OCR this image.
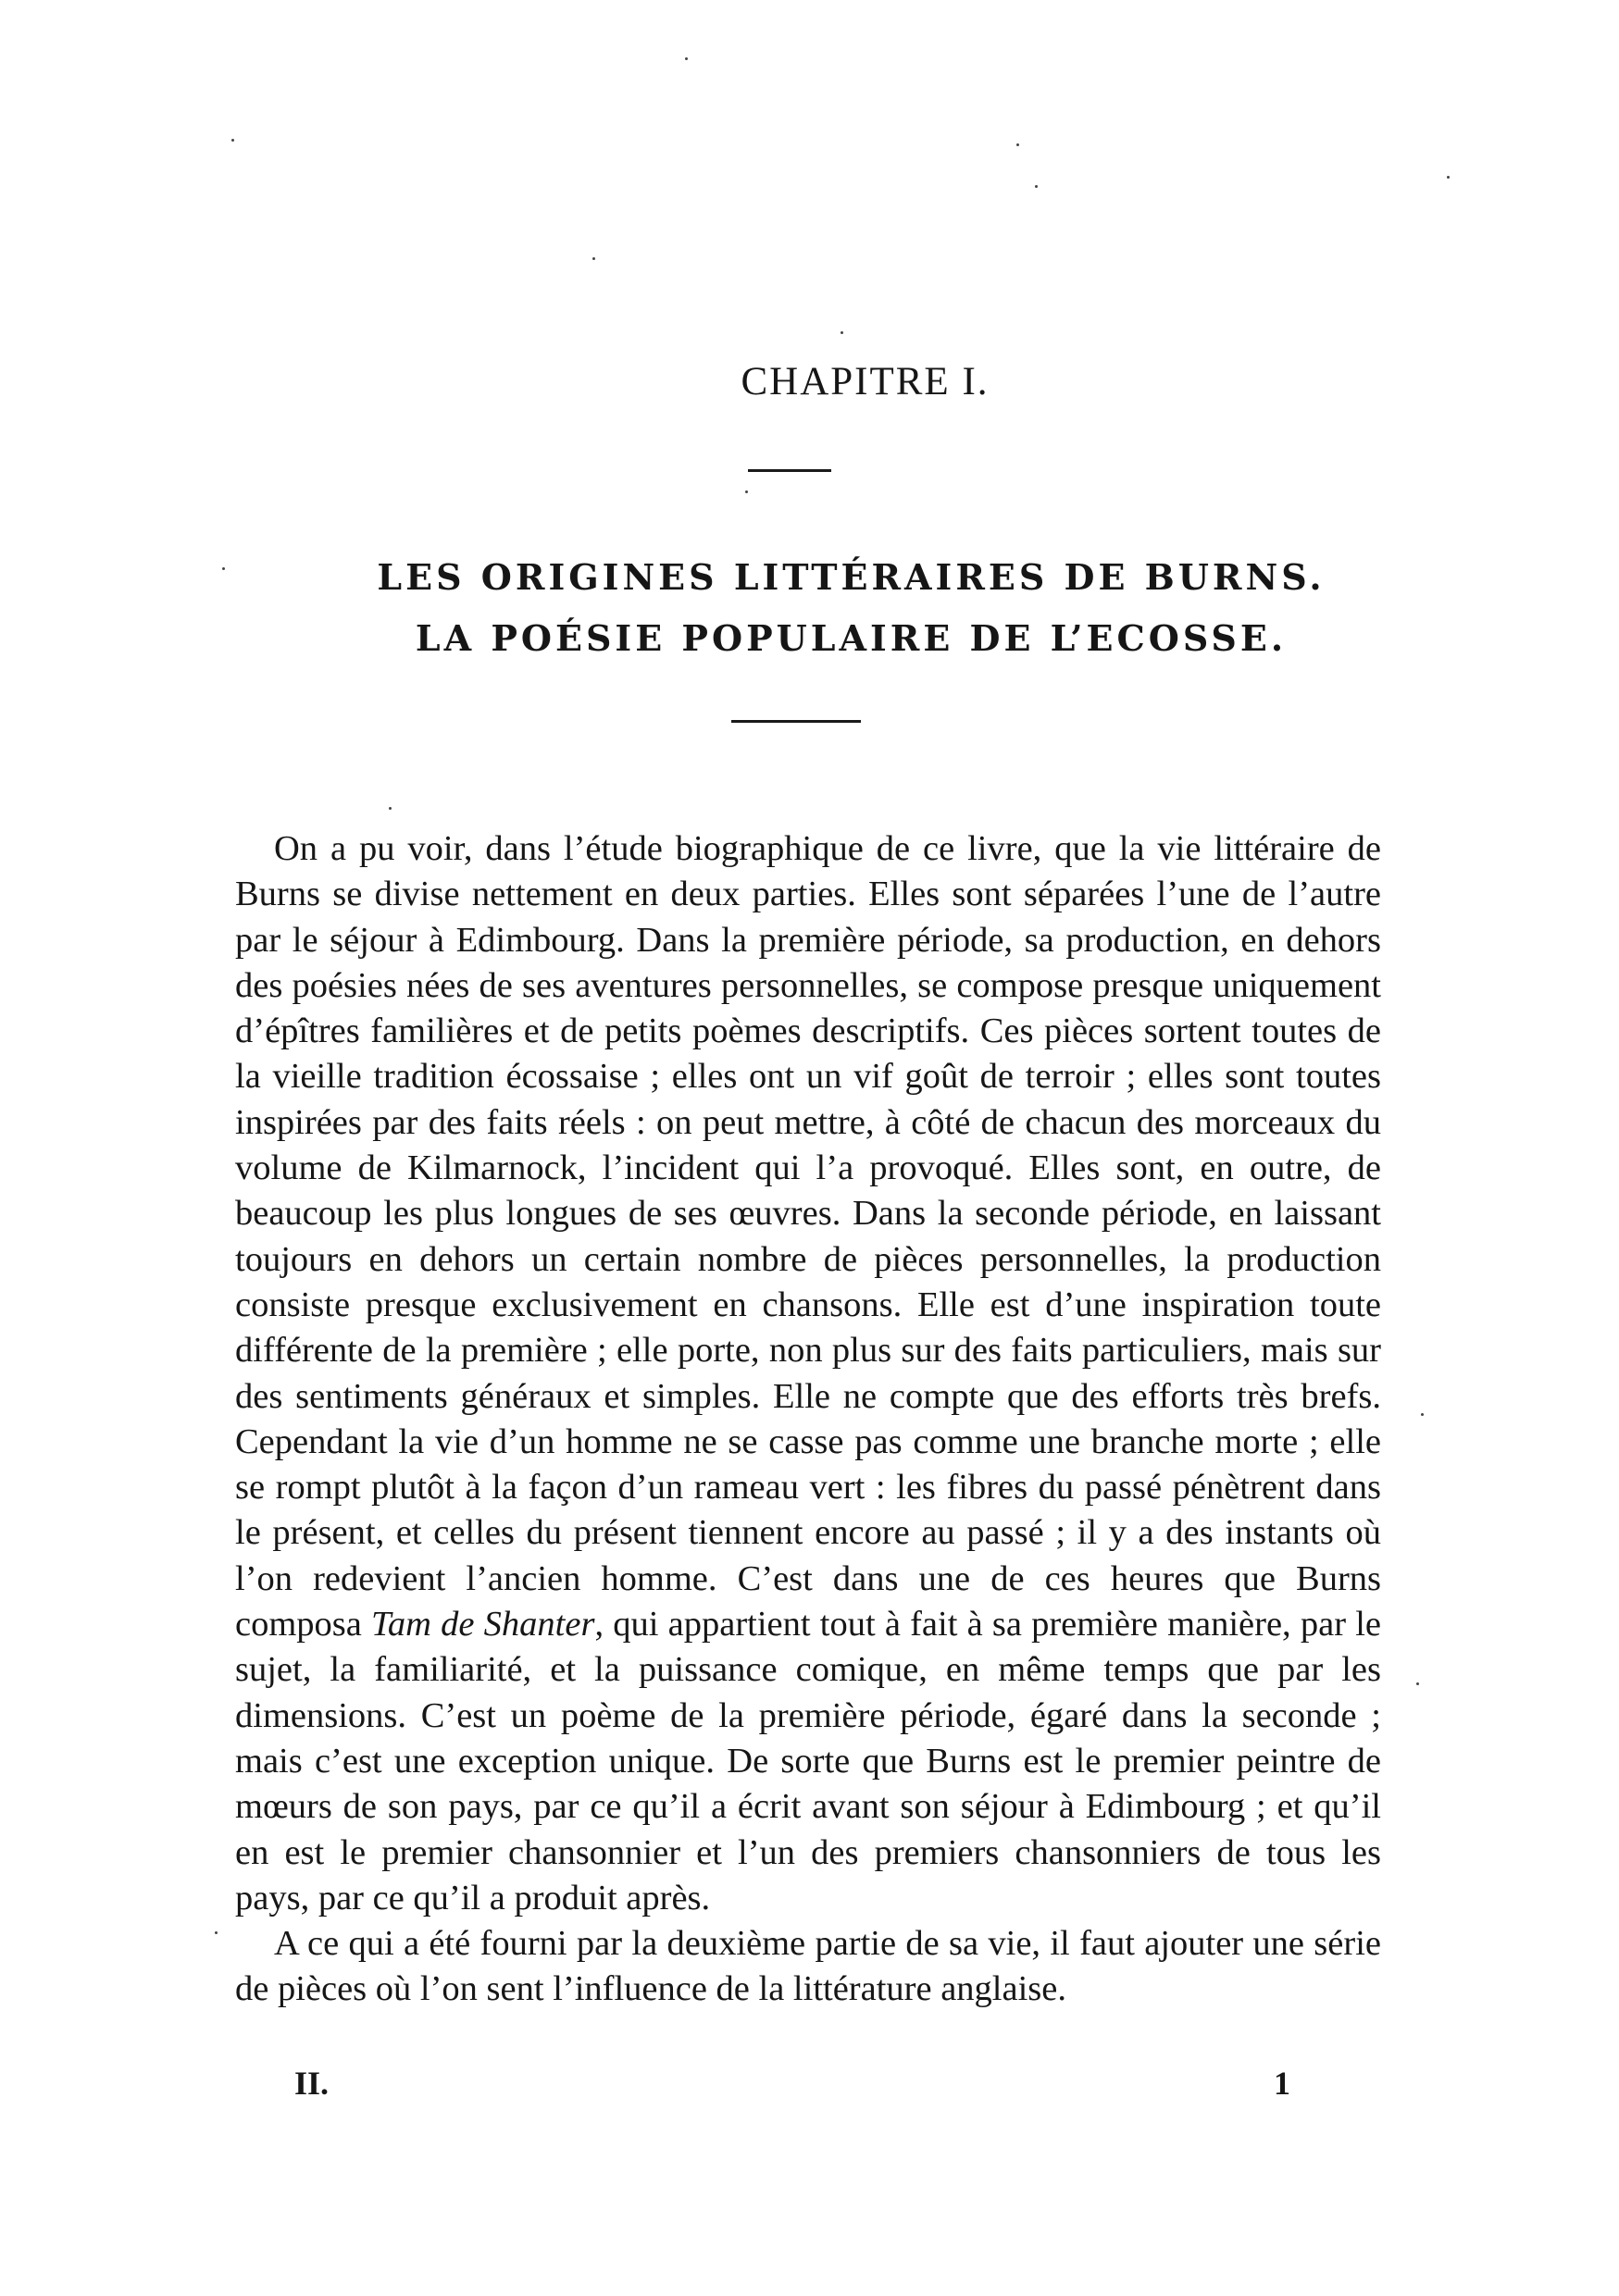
CHAPITRE I.
LES ORIGINES LITTÉRAIRES DE BURNS.
LA POÉSIE POPULAIRE DE L’ECOSSE.

On a pu voir, dans l’étude biographique de ce livre, que la vie littéraire de Burns se divise nettement en deux parties. Elles sont séparées l’une de l’autre par le séjour à Edimbourg. Dans la première période, sa production, en dehors des poésies nées de ses aventures personnelles, se compose presque uniquement d’épîtres familières et de petits poèmes descriptifs. Ces pièces sortent toutes de la vieille tradition écossaise ; elles ont un vif goût de terroir ; elles sont toutes inspirées par des faits réels : on peut mettre, à côté de chacun des morceaux du volume de Kilmarnock, l’incident qui l’a provoqué. Elles sont, en outre, de beaucoup les plus longues de ses œuvres. Dans la seconde période, en laissant toujours en dehors un certain nombre de pièces personnelles, la production consiste presque exclusivement en chansons. Elle est d’une inspiration toute différente de la première ; elle porte, non plus sur des faits particuliers, mais sur des sentiments généraux et simples. Elle ne compte que des efforts très brefs. Cependant la vie d’un homme ne se casse pas comme une branche morte ; elle se rompt plutôt à la façon d’un rameau vert : les fibres du passé pénètrent dans le présent, et celles du présent tiennent encore au passé ; il y a des instants où l’on redevient l’ancien homme. C’est dans une de ces heures que Burns composa Tam de Shanter, qui appartient tout à fait à sa première manière, par le sujet, la familiarité, et la puissance comique, en même temps que par les dimensions. C’est un poème de la première période, égaré dans la seconde ; mais c’est une exception unique. De sorte que Burns est le premier peintre de mœurs de son pays, par ce qu’il a écrit avant son séjour à Edimbourg ; et qu’il en est le premier chansonnier et l’un des premiers chansonniers de tous les pays, par ce qu’il a produit après.

A ce qui a été fourni par la deuxième partie de sa vie, il faut ajouter une série de pièces où l’on sent l’influence de la littérature anglaise.

II.	1
